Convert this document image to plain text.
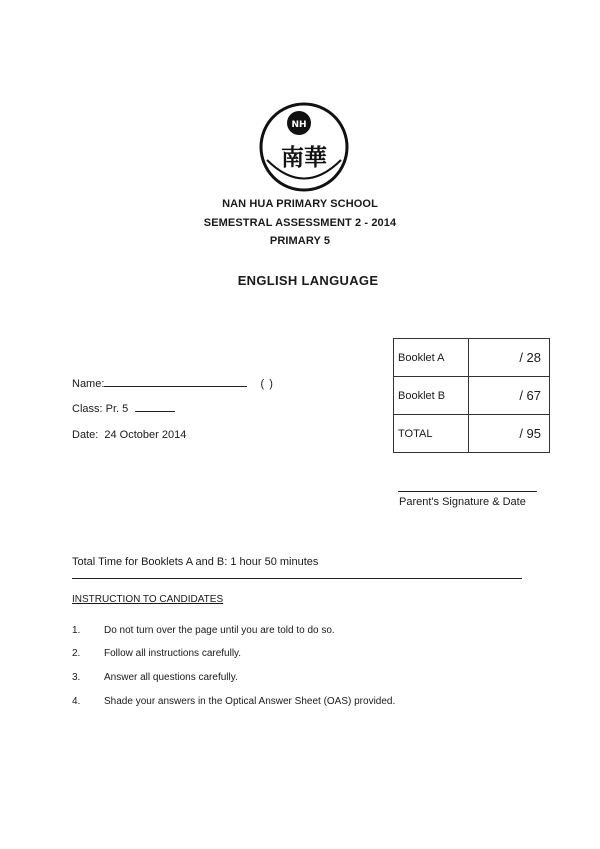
NH
南華
NAN HUA PRIMARY SCHOOL
SEMESTRAL ASSESSMENT 2 - 2014
PRIMARY 5
ENGLISH LANGUAGE
Name:	( )
Class: Pr. 5
Date: 24 October 2014
Booklet A	/ 28
Booklet B	/ 67
TOTAL	/ 95
Parent's Signature & Date
Total Time for Booklets A and B: 1 hour 50 minutes
INSTRUCTION TO CANDIDATES
1. Do not turn over the page until you are told to do so.
2. Follow all instructions carefully.
3. Answer all questions carefully.
4. Shade your answers in the Optical Answer Sheet (OAS) provided.
